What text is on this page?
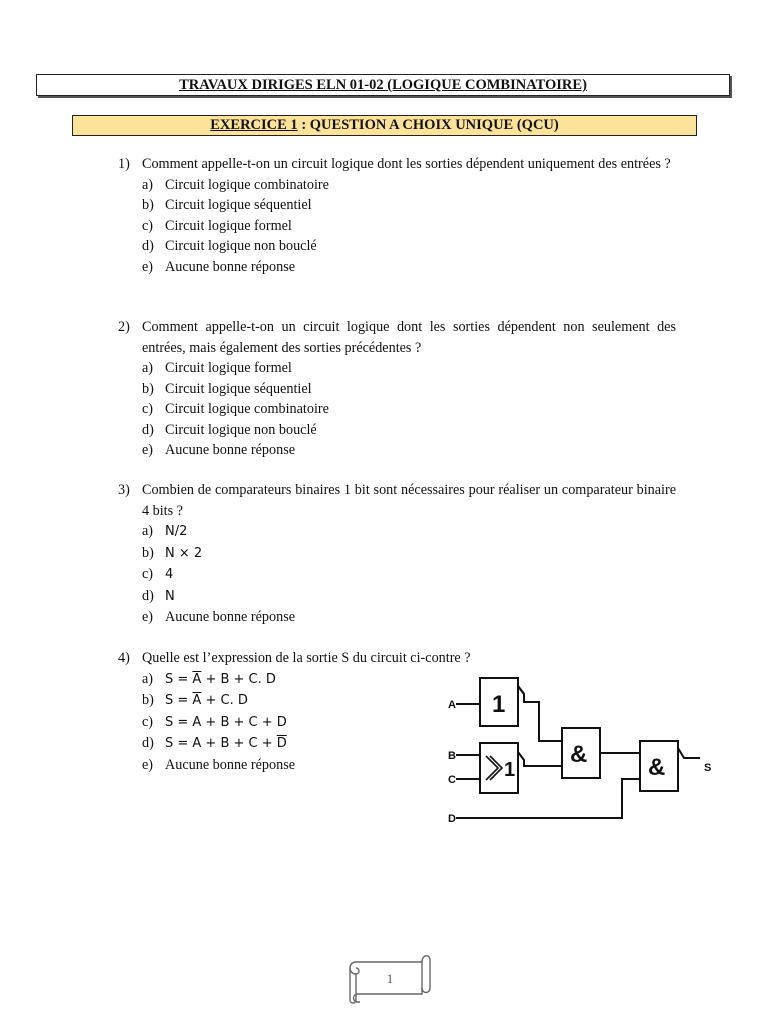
TRAVAUX DIRIGES ELN 01-02 (LOGIQUE COMBINATOIRE)
EXERCICE 1 : QUESTION A CHOIX UNIQUE (QCU)
1) Comment appelle-t-on un circuit logique dont les sorties dépendent uniquement des entrées ?
a) Circuit logique combinatoire
b) Circuit logique séquentiel
c) Circuit logique formel
d) Circuit logique non bouclé
e) Aucune bonne réponse
2) Comment appelle-t-on un circuit logique dont les sorties dépendent non seulement des entrées, mais également des sorties précédentes ?
a) Circuit logique formel
b) Circuit logique séquentiel
c) Circuit logique combinatoire
d) Circuit logique non bouclé
e) Aucune bonne réponse
3) Combien de comparateurs binaires 1 bit sont nécessaires pour réaliser un comparateur binaire 4 bits ?
a) N/2
b) N × 2
c) 4
d) N
e) Aucune bonne réponse
4) Quelle est l’expression de la sortie S du circuit ci-contre ?
a) $S = \overline{A} + B + C$. D
b) $S = \overline{A} + C$. D
c) S = A + B + C + D
d) $S = A + B + C + \overline{D}$
e) Aucune bonne réponse
A
B
C
D
S
1
1
&	&
1
